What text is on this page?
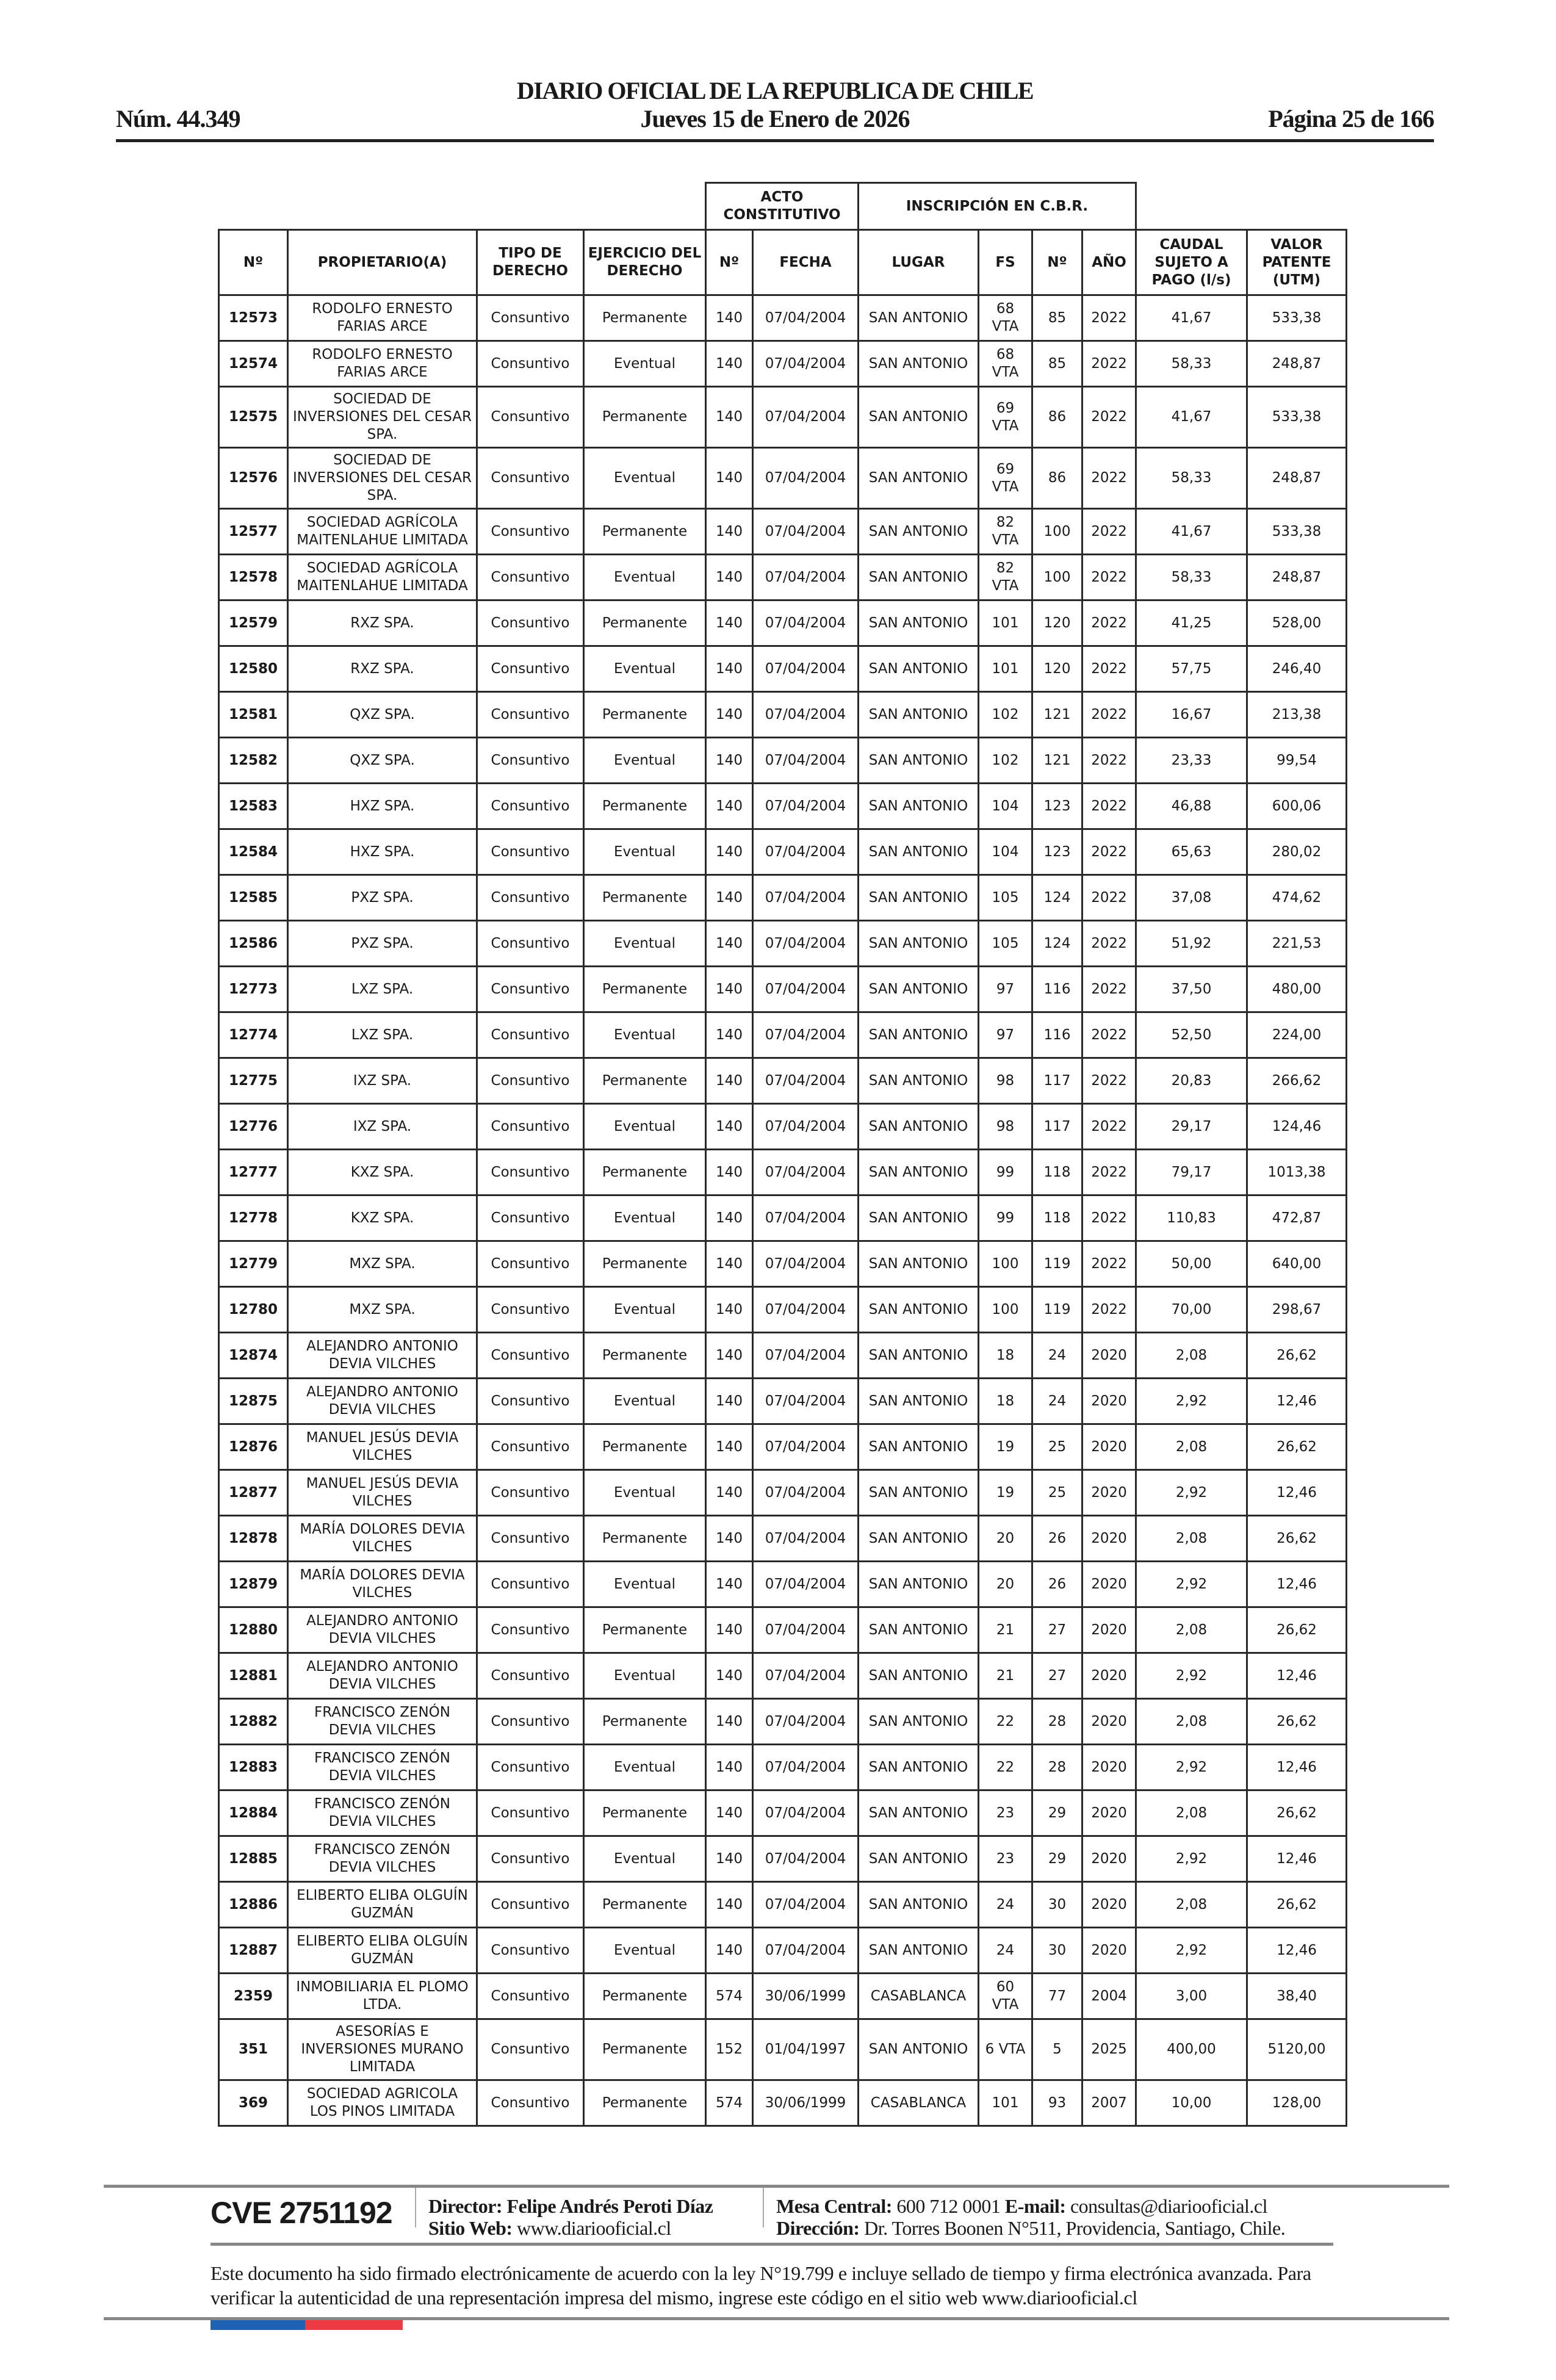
DIARIO OFICIAL DE LA REPUBLICA DE CHILE
Núm. 44.349	Jueves 15 de Enero de 2026	Página 25 de 166
				ACTO CONSTITUTIVO		INSCRIPCIÓN EN C.B.R.					
Nº	PROPIETARIO(A)	TIPO DE DERECHO	EJERCICIO DEL DERECHO	Nº	FECHA	LUGAR	FS	Nº	AÑO	CAUDAL SUJETO A PAGO (l/s)	VALOR PATENTE (UTM)
12573	RODOLFO ERNESTO FARIAS ARCE	Consuntivo	Permanente	140	07/04/2004	SAN ANTONIO	68 VTA	85	2022	41,67	533,38
12574	RODOLFO ERNESTO FARIAS ARCE	Consuntivo	Eventual	140	07/04/2004	SAN ANTONIO	68 VTA	85	2022	58,33	248,87
12575	SOCIEDAD DE INVERSIONES DEL CESAR SPA.	Consuntivo	Permanente	140	07/04/2004	SAN ANTONIO	69 VTA	86	2022	41,67	533,38
12576	SOCIEDAD DE INVERSIONES DEL CESAR SPA.	Consuntivo	Eventual	140	07/04/2004	SAN ANTONIO	69 VTA	86	2022	58,33	248,87
12577	SOCIEDAD AGRÍCOLA MAITENLAHUE LIMITADA	Consuntivo	Permanente	140	07/04/2004	SAN ANTONIO	82 VTA	100	2022	41,67	533,38
12578	SOCIEDAD AGRÍCOLA MAITENLAHUE LIMITADA	Consuntivo	Eventual	140	07/04/2004	SAN ANTONIO	82 VTA	100	2022	58,33	248,87
12579	RXZ SPA.	Consuntivo	Permanente	140	07/04/2004	SAN ANTONIO	101	120	2022	41,25	528,00
12580	RXZ SPA.	Consuntivo	Eventual	140	07/04/2004	SAN ANTONIO	101	120	2022	57,75	246,40
12581	QXZ SPA.	Consuntivo	Permanente	140	07/04/2004	SAN ANTONIO	102	121	2022	16,67	213,38
12582	QXZ SPA.	Consuntivo	Eventual	140	07/04/2004	SAN ANTONIO	102	121	2022	23,33	99,54
12583	HXZ SPA.	Consuntivo	Permanente	140	07/04/2004	SAN ANTONIO	104	123	2022	46,88	600,06
12584	HXZ SPA.	Consuntivo	Eventual	140	07/04/2004	SAN ANTONIO	104	123	2022	65,63	280,02
12585	PXZ SPA.	Consuntivo	Permanente	140	07/04/2004	SAN ANTONIO	105	124	2022	37,08	474,62
12586	PXZ SPA.	Consuntivo	Eventual	140	07/04/2004	SAN ANTONIO	105	124	2022	51,92	221,53
12773	LXZ SPA.	Consuntivo	Permanente	140	07/04/2004	SAN ANTONIO	97	116	2022	37,50	480,00
12774	LXZ SPA.	Consuntivo	Eventual	140	07/04/2004	SAN ANTONIO	97	116	2022	52,50	224,00
12775	IXZ SPA.	Consuntivo	Permanente	140	07/04/2004	SAN ANTONIO	98	117	2022	20,83	266,62
12776	IXZ SPA.	Consuntivo	Eventual	140	07/04/2004	SAN ANTONIO	98	117	2022	29,17	124,46
12777	KXZ SPA.	Consuntivo	Permanente	140	07/04/2004	SAN ANTONIO	99	118	2022	79,17	1013,38
12778	KXZ SPA.	Consuntivo	Eventual	140	07/04/2004	SAN ANTONIO	99	118	2022	110,83	472,87
12779	MXZ SPA.	Consuntivo	Permanente	140	07/04/2004	SAN ANTONIO	100	119	2022	50,00	640,00
12780	MXZ SPA.	Consuntivo	Eventual	140	07/04/2004	SAN ANTONIO	100	119	2022	70,00	298,67
12874	ALEJANDRO ANTONIO DEVIA VILCHES	Consuntivo	Permanente	140	07/04/2004	SAN ANTONIO	18	24	2020	2,08	26,62
12875	ALEJANDRO ANTONIO DEVIA VILCHES	Consuntivo	Eventual	140	07/04/2004	SAN ANTONIO	18	24	2020	2,92	12,46
12876	MANUEL JESÚS DEVIA VILCHES	Consuntivo	Permanente	140	07/04/2004	SAN ANTONIO	19	25	2020	2,08	26,62
12877	MANUEL JESÚS DEVIA VILCHES	Consuntivo	Eventual	140	07/04/2004	SAN ANTONIO	19	25	2020	2,92	12,46
12878	MARÍA DOLORES DEVIA VILCHES	Consuntivo	Permanente	140	07/04/2004	SAN ANTONIO	20	26	2020	2,08	26,62
12879	MARÍA DOLORES DEVIA VILCHES	Consuntivo	Eventual	140	07/04/2004	SAN ANTONIO	20	26	2020	2,92	12,46
12880	ALEJANDRO ANTONIO DEVIA VILCHES	Consuntivo	Permanente	140	07/04/2004	SAN ANTONIO	21	27	2020	2,08	26,62
12881	ALEJANDRO ANTONIO DEVIA VILCHES	Consuntivo	Eventual	140	07/04/2004	SAN ANTONIO	21	27	2020	2,92	12,46
12882	FRANCISCO ZENÓN DEVIA VILCHES	Consuntivo	Permanente	140	07/04/2004	SAN ANTONIO	22	28	2020	2,08	26,62
12883	FRANCISCO ZENÓN DEVIA VILCHES	Consuntivo	Eventual	140	07/04/2004	SAN ANTONIO	22	28	2020	2,92	12,46
12884	FRANCISCO ZENÓN DEVIA VILCHES	Consuntivo	Permanente	140	07/04/2004	SAN ANTONIO	23	29	2020	2,08	26,62
12885	FRANCISCO ZENÓN DEVIA VILCHES	Consuntivo	Eventual	140	07/04/2004	SAN ANTONIO	23	29	2020	2,92	12,46
12886	ELIBERTO ELIBA OLGUÍN GUZMÁN	Consuntivo	Permanente	140	07/04/2004	SAN ANTONIO	24	30	2020	2,08	26,62
12887	ELIBERTO ELIBA OLGUÍN GUZMÁN	Consuntivo	Eventual	140	07/04/2004	SAN ANTONIO	24	30	2020	2,92	12,46
2359	INMOBILIARIA EL PLOMO LTDA.	Consuntivo	Permanente	574	30/06/1999	CASABLANCA	60 VTA	77	2004	3,00	38,40
351	ASESORÍAS E INVERSIONES MURANO LIMITADA	Consuntivo	Permanente	152	01/04/1997	SAN ANTONIO	6 VTA	5	2025	400,00	5120,00
369	SOCIEDAD AGRICOLA LOS PINOS LIMITADA	Consuntivo	Permanente	574	30/06/1999	CASABLANCA	101	93	2007	10,00	128,00
CVE 2751192 Director: Felipe Andrés Peroti Díaz
Sitio Web: www.diariooficial.cl
Mesa Central: 600 712 0001 E-mail: consultas@diariooficial.cl
Dirección: Dr. Torres Boonen N°511, Providencia, Santiago, Chile.
Este documento ha sido firmado electrónicamente de acuerdo con la ley N°19.799 e incluye sellado de tiempo y firma electrónica avanzada. Para verificar la autenticidad de una representación impresa del mismo, ingrese este código en el sitio web www.diariooficial.cl
